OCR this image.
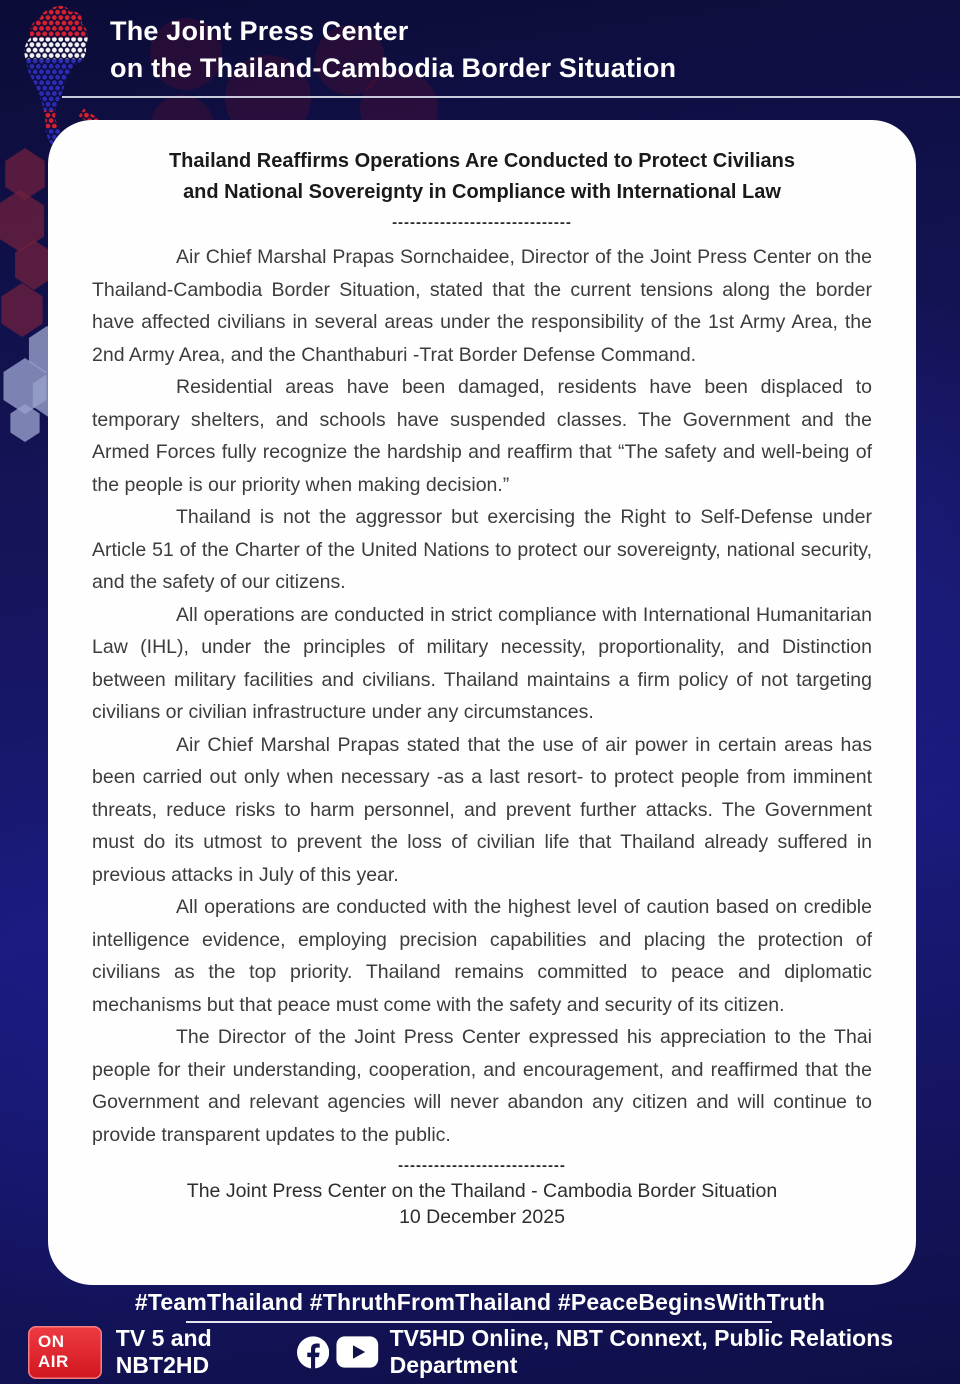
The Joint Press Center
on the Thailand-Cambodia Border Situation
Thailand Reaffirms Operations Are Conducted to Protect Civilians
and National Sovereignty in Compliance with International Law
------------------------------

Air Chief Marshal Prapas Sornchaidee, Director of the Joint Press Center on the Thailand-Cambodia Border Situation, stated that the current tensions along the border have affected civilians in several areas under the responsibility of the 1st Army Area, the 2nd Army Area, and the Chanthaburi -Trat Border Defense Command.

Residential areas have been damaged, residents have been displaced to temporary shelters, and schools have suspended classes. The Government and the Armed Forces fully recognize the hardship and reaffirm that “The safety and well-being of the people is our priority when making decision.”

Thailand is not the aggressor but exercising the Right to Self-Defense under Article 51 of the Charter of the United Nations to protect our sovereignty, national security, and the safety of our citizens.

All operations are conducted in strict compliance with International Humanitarian Law (IHL), under the principles of military necessity, proportionality, and Distinction between military facilities and civilians. Thailand maintains a firm policy of not targeting civilians or civilian infrastructure under any circumstances.

Air Chief Marshal Prapas stated that the use of air power in certain areas has been carried out only when necessary -as a last resort- to protect people from imminent threats, reduce risks to harm personnel, and prevent further attacks. The Government must do its utmost to prevent the loss of civilian life that Thailand already suffered in previous attacks in July of this year.

All operations are conducted with the highest level of caution based on credible intelligence evidence, employing precision capabilities and placing the protection of civilians as the top priority. Thailand remains committed to peace and diplomatic mechanisms but that peace must come with the safety and security of its citizen.

The Director of the Joint Press Center expressed his appreciation to the Thai people for their understanding, cooperation, and encouragement, and reaffirmed that the Government and relevant agencies will never abandon any citizen and will continue to provide transparent updates to the public.

----------------------------

The Joint Press Center on the Thailand - Cambodia Border Situation

10 December 2025

#TeamThailand #ThruthFromThailand #PeaceBeginsWithTruth
ON AIR
TV 5 and NBT2HD
TV5HD Online, NBT Connext, Public Relations Department
